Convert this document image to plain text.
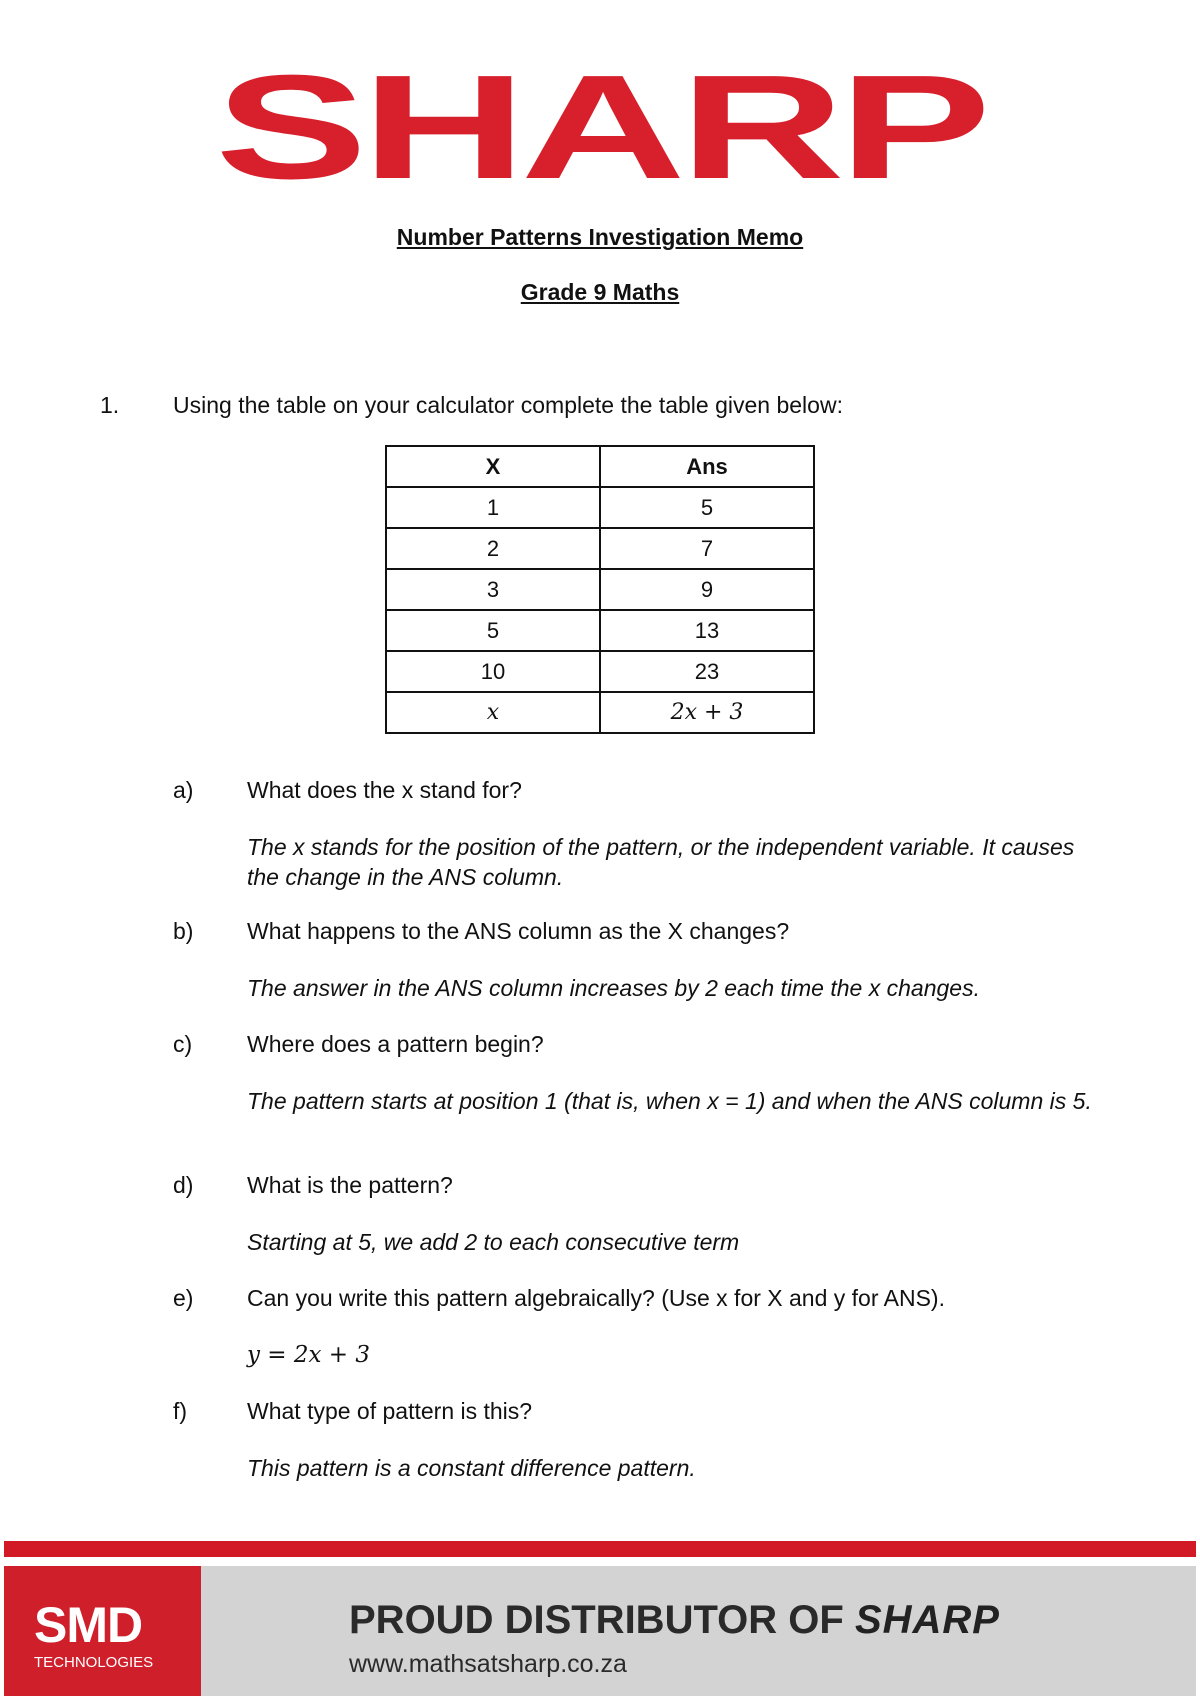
SHARP
Number Patterns Investigation Memo
Grade 9 Maths
1. Using the table on your calculator complete the table given below:
X	Ans
1	5
2	7
3	9
5	13
10	23
x	2x + 3
a) What does the x stand for?
The x stands for the position of the pattern, or the independent variable. It causes the change in the ANS column.
b) What happens to the ANS column as the X changes?
The answer in the ANS column increases by 2 each time the x changes.
c) Where does a pattern begin?
The pattern starts at position 1 (that is, when x = 1) and when the ANS column is 5.
d) What is the pattern?
Starting at 5, we add 2 to each consecutive term
e) Can you write this pattern algebraically? (Use x for X and y for ANS).
y = 2x + 3
f)	What type of pattern is this?
This pattern is a constant difference pattern.
SMD
TECHNOLOGIES
PROUD DISTRIBUTOR OF SHARP
www.mathsatsharp.co.za
